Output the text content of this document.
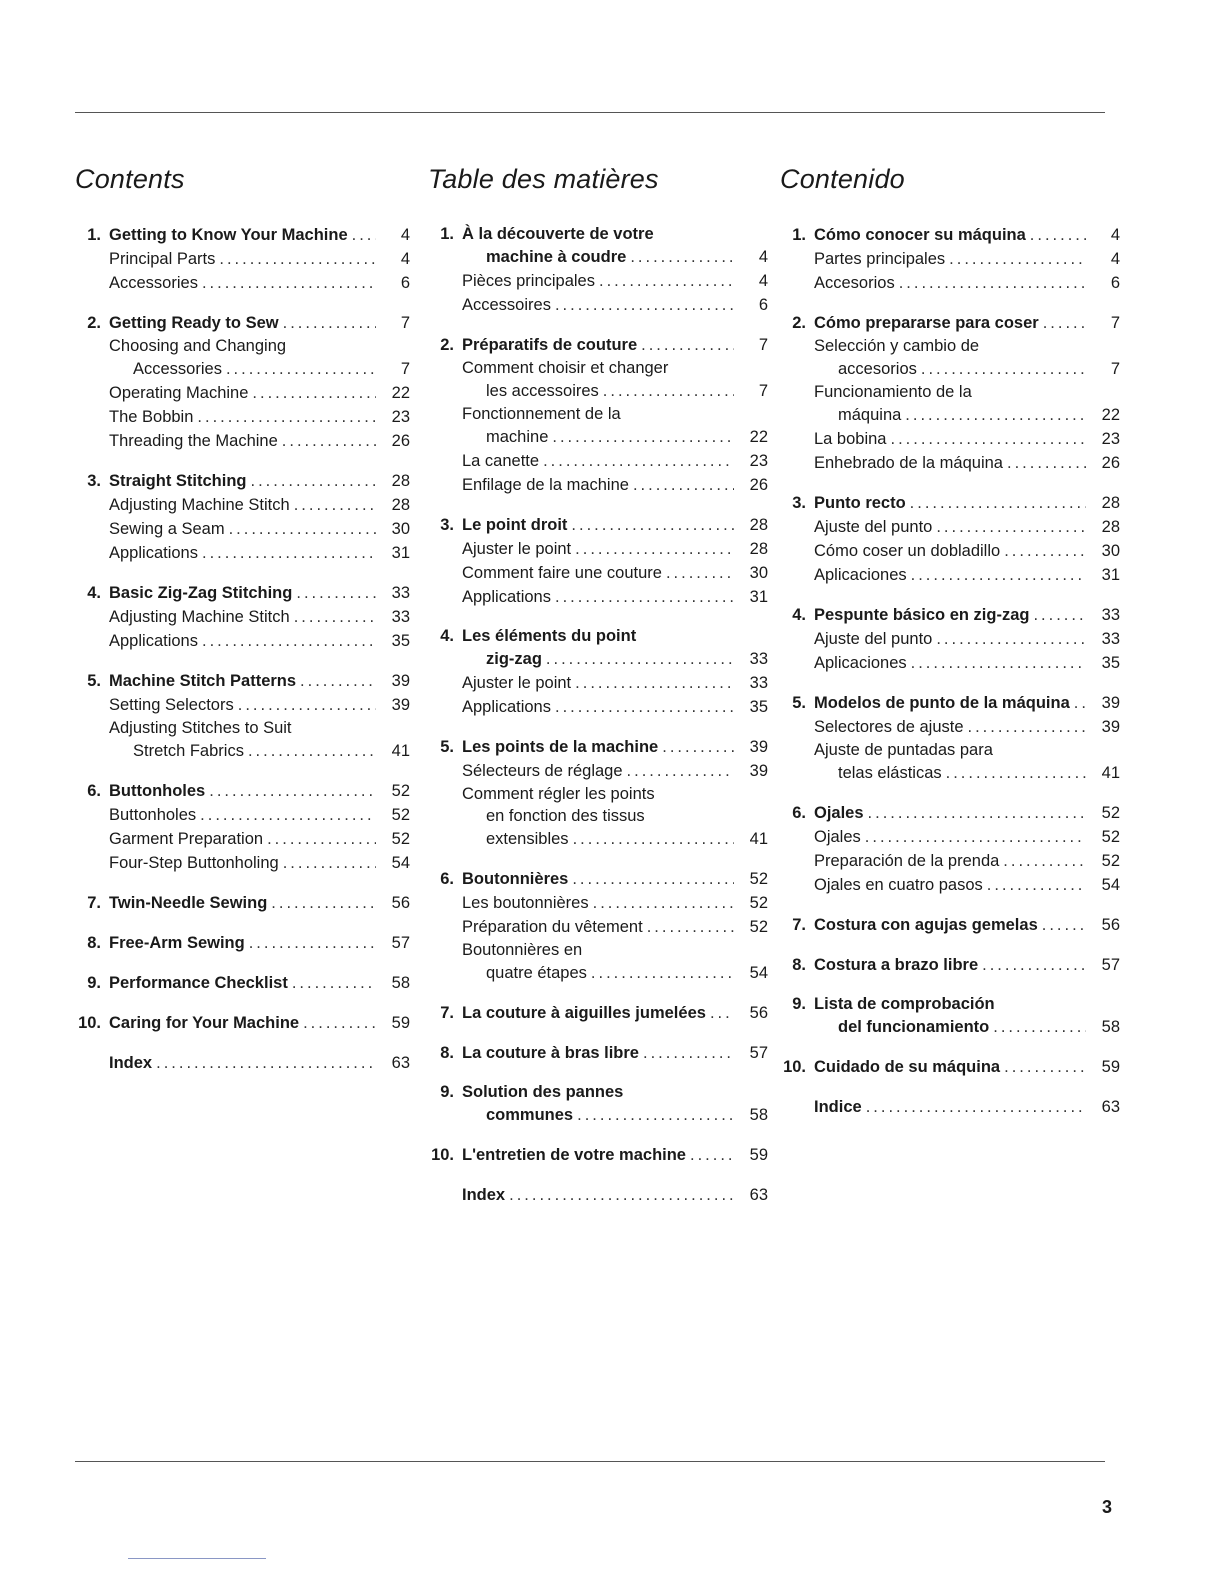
Contents
1. Getting to Know Your Machine .....	4
Principal Parts .....	4
Accessories .....	6
2. Getting Ready to Sew .....	7
Choosing and Changing
Accessories .....	7
Operating Machine .....	22
The Bobbin .....	23
Threading the Machine .....	26
3. Straight Stitching .....	28
Adjusting Machine Stitch .....	28
Sewing a Seam .....	30
Applications .....	31
4. Basic Zig-Zag Stitching .....	33
Adjusting Machine Stitch .....	33
Applications .....	35
5. Machine Stitch Patterns .....	39
Setting Selectors .....	39
Adjusting Stitches to Suit
Stretch Fabrics .....	41
6. Buttonholes .....	52
Buttonholes .....	52
Garment Preparation .....	52
Four-Step Buttonholing .....	54
7. Twin-Needle Sewing .....	56
8. Free-Arm Sewing .....	57
9. Performance Checklist .....	58
10. Caring for Your Machine .....	59
Index .....	63
Table des matières
1. À la découverte de votre
machine à coudre .....	4
Pièces principales .....	4
Accessoires .....	6
2. Préparatifs de couture .....	7
Comment choisir et changer
les accessoires .....	7
Fonctionnement de la
machine .....	22
La canette .....	23
Enfilage de la machine .....	26
3. Le point droit .....	28
Ajuster le point .....	28
Comment faire une couture .....	30
Applications .....	31
4. Les éléments du point
zig-zag .....	33
Ajuster le point .....	33
Applications .....	35
5. Les points de la machine .....	39
Sélecteurs de réglage .....	39
Comment régler les points
en fonction des tissus
extensibles .....	41
6. Boutonnières .....	52
Les boutonnières .....	52
Préparation du vêtement .....	52
Boutonnières en
quatre étapes .....	54
7. La couture à aiguilles jumelées .....	56
8. La couture à bras libre .....	57
9. Solution des pannes
communes .....	58
10. L'entretien de votre machine .....	59
Index .....	63
Contenido
1. Cómo conocer su máquina .....	4
Partes principales .....	4
Accesorios .....	6
2. Cómo prepararse para coser .....	7
Selección y cambio de
accesorios .....	7
Funcionamiento de la
máquina .....	22
La bobina .....	23
Enhebrado de la máquina .....	26
3. Punto recto .....	28
Ajuste del punto .....	28
Cómo coser un dobladillo .....	30
Aplicaciones .....	31
4. Pespunte básico en zig-zag .....	33
Ajuste del punto .....	33
Aplicaciones .....	35
5. Modelos de punto de la máquina .....	39
Selectores de ajuste .....	39
Ajuste de puntadas para
telas elásticas .....	41
6. Ojales .....	52
Ojales .....	52
Preparación de la prenda .....	52
Ojales en cuatro pasos .....	54
7. Costura con agujas gemelas .....	56
8. Costura a brazo libre .....	57
9. Lista de comprobación
del funcionamiento .....	58
10. Cuidado de su máquina .....	59
Indice .....	63
3
